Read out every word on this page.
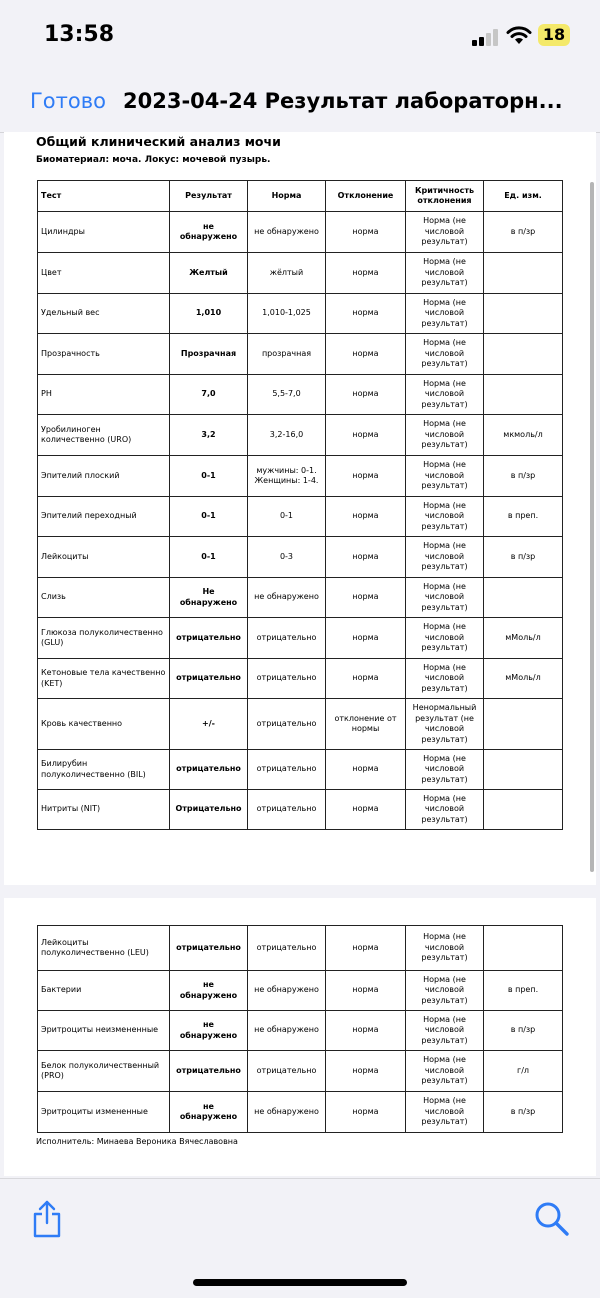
13:58	18
Готово 2023-04-24 Результат лабораторн...
Общий клинический анализ мочи
Биоматериал: моча. Локус: мочевой пузырь.
Тест	Результат	Норма	Отклонение	Критичность отклонения	Ед. изм.
Цилиндры	не обнаружено	не обнаружено	норма	Норма (не числовой результат)	в п/зр
Цвет	Желтый	жёлтый	норма	Норма (не числовой результат)	
Удельный вес	1,010	1,010-1,025	норма	Норма (не числовой результат)	
Прозрачность	Прозрачная	прозрачная	норма	Норма (не числовой результат)	
PH	7,0	5,5-7,0	норма	Норма (не числовой результат)	
Уробилиноген количественно (URO)	3,2	3,2-16,0	норма	Норма (не числовой результат)	мкмоль/л
Эпителий плоский	0-1	мужчины: 0-1. Женщины: 1-4.	норма	Норма (не числовой результат)	в п/зр
Эпителий переходный	0-1	0-1	норма	Норма (не числовой результат)	в преп.
Лейкоциты	0-1	0-3	норма	Норма (не числовой результат)	в п/зр
Слизь	Не обнаружено	не обнаружено	норма	Норма (не числовой результат)	
Глюкоза полуколичественно (GLU)	отрицательно	отрицательно	норма	Норма (не числовой результат)	мМоль/л
Кетоновые тела качественно (KET)	отрицательно	отрицательно	норма	Норма (не числовой результат)	мМоль/л
Кровь качественно	+/-	отрицательно	отклонение от нормы	Ненормальный результат (не числовой результат)	
Билирубин полуколичественно (BIL)	отрицательно	отрицательно	норма	Норма (не числовой результат)	
Нитриты (NIT)	Отрицательно	отрицательно	норма	Норма (не числовой результат)	
Лейкоциты полуколичественно (LEU)	отрицательно	отрицательно	норма	Норма (не числовой результат)	
Бактерии	не обнаружено	не обнаружено	норма	Норма (не числовой результат)	в преп.
Эритроциты неизмененные	не обнаружено	не обнаружено	норма	Норма (не числовой результат)	в п/зр
Белок полуколичественный (PRO)	отрицательно	отрицательно	норма	Норма (не числовой результат)	г/л
Эритроциты измененные	не обнаружено	не обнаружено	норма	Норма (не числовой результат)	в п/зр
Исполнитель: Минаева Вероника Вячеславовна
